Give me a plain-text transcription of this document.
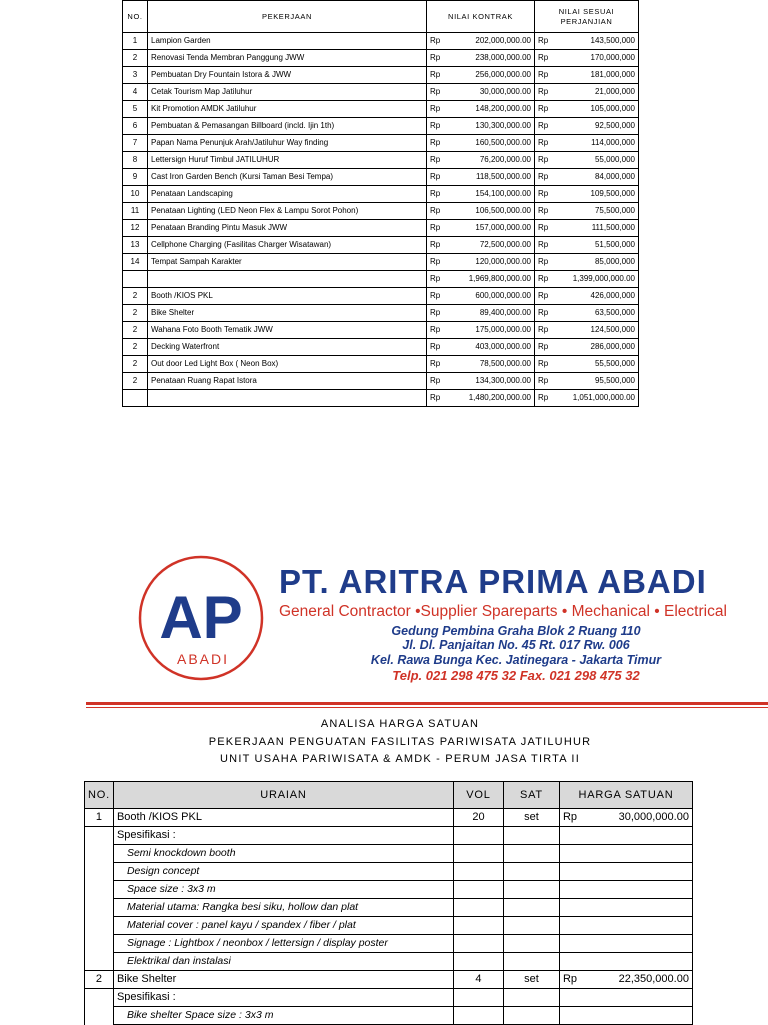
NO.	PEKERJAAN	NILAI KONTRAK		NILAI SESUAI PERJANJIAN	
1	Lampion Garden	Rp	202,000,000.00	Rp	143,500,000
2	Renovasi Tenda Membran Panggung JWW	Rp	238,000,000.00	Rp	170,000,000
3	Pembuatan Dry Fountain Istora & JWW	Rp	256,000,000.00	Rp	181,000,000
4	Cetak Tourism Map Jatiluhur	Rp	30,000,000.00	Rp	21,000,000
5	Kit Promotion AMDK Jatiluhur	Rp	148,200,000.00	Rp	105,000,000
6	Pembuatan & Pemasangan Billboard (incld. Ijin 1th)	Rp	130,300,000.00	Rp	92,500,000
7	Papan Nama Penunjuk Arah/Jatiluhur Way finding	Rp	160,500,000.00	Rp	114,000,000
8	Lettersign Huruf Timbul JATILUHUR	Rp	76,200,000.00	Rp	55,000,000
9	Cast Iron Garden Bench (Kursi Taman Besi Tempa)	Rp	118,500,000.00	Rp	84,000,000
10	Penataan Landscaping	Rp	154,100,000.00	Rp	109,500,000
11	Penataan Lighting (LED Neon Flex & Lampu Sorot Pohon)	Rp	106,500,000.00	Rp	75,500,000
12	Penataan Branding Pintu Masuk JWW	Rp	157,000,000.00	Rp	111,500,000
13	Cellphone Charging (Fasilitas Charger Wisatawan)	Rp	72,500,000.00	Rp	51,500,000
14	Tempat Sampah Karakter	Rp	120,000,000.00	Rp	85,000,000
		Rp	1,969,800,000.00	Rp	1,399,000,000.00
2	Booth /KIOS PKL	Rp	600,000,000.00	Rp	426,000,000
2	Bike Shelter	Rp	89,400,000.00	Rp	63,500,000
2	Wahana Foto Booth Tematik JWW	Rp	175,000,000.00	Rp	124,500,000
2	Decking Waterfront	Rp	403,000,000.00	Rp	286,000,000
2	Out door Led Light Box ( Neon Box)	Rp	78,500,000.00	Rp	55,500,000
2	Penataan Ruang Rapat Istora	Rp	134,300,000.00	Rp	95,500,000
		Rp	1,480,200,000.00	Rp	1,051,000,000.00
AP
ABADI
PT. ARITRA PRIMA ABADI
General Contractor •Supplier Spareparts • Mechanical • Electrical
Gedung Pembina Graha Blok 2 Ruang 110
Jl. Dl. Panjaitan No. 45 Rt. 017 Rw. 006
Kel. Rawa Bunga Kec. Jatinegara - Jakarta Timur
Telp. 021 298 475 32 Fax. 021 298 475 32
ANALISA HARGA SATUAN
PEKERJAAN PENGUATAN FASILITAS PARIWISATA JATILUHUR
UNIT USAHA PARIWISATA & AMDK - PERUM JASA TIRTA II
NO.	URAIAN	VOL	SAT	HARGA SATUAN	
1	Booth /KIOS PKL	20	set	Rp	30,000,000.00
	Spesifikasi :				
	Semi knockdown booth				
	Design concept				
	Space size : 3x3 m				
	Material utama: Rangka besi siku, hollow dan plat				
	Material cover : panel kayu / spandex / fiber / plat				
	Signage : Lightbox / neonbox / lettersign / display poster				
	Elektrikal dan instalasi				
2	Bike Shelter	4	set	Rp	22,350,000.00
	Spesifikasi :				
	Bike shelter Space size : 3x3 m				
